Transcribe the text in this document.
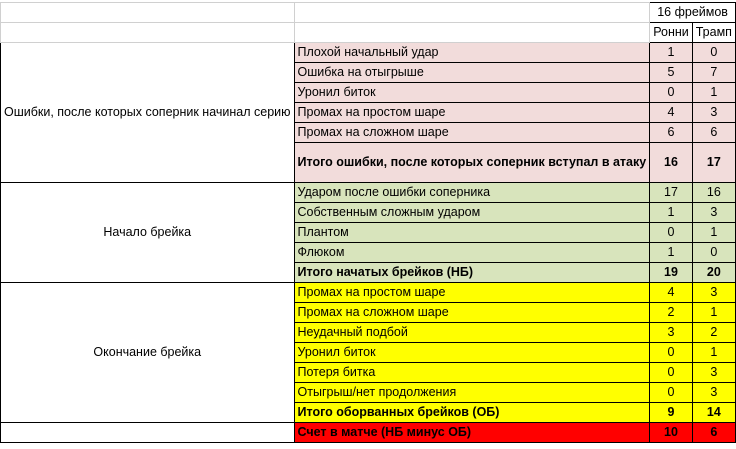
		16 фреймов	
		Ронни	Трамп
Ошибки, после которых соперник начинал серию	Плохой начальный удар	1	0
	Ошибка на отыгрыше	5	7
	Уронил биток	0	1
	Промах на простом шаре	4	3
	Промах на сложном шаре	6	6
	Итого ошибки, после которых соперник вступал в атаку	16	17
Начало брейка	Ударом после ошибки соперника	17	16
	Собственным сложным ударом	1	3
	Плантом	0	1
	Флюком	1	0
	Итого начатых брейков (НБ)	19	20
Окончание брейка	Промах на простом шаре	4	3
	Промах на сложном шаре	2	1
	Неудачный подбой	3	2
	Уронил биток	0	1
	Потеря битка	0	3
	Отыгрыш/нет продолжения	0	3
	Итого оборванных брейков (ОБ)	9	14
	Счет в матче (НБ минус ОБ)	10	6
